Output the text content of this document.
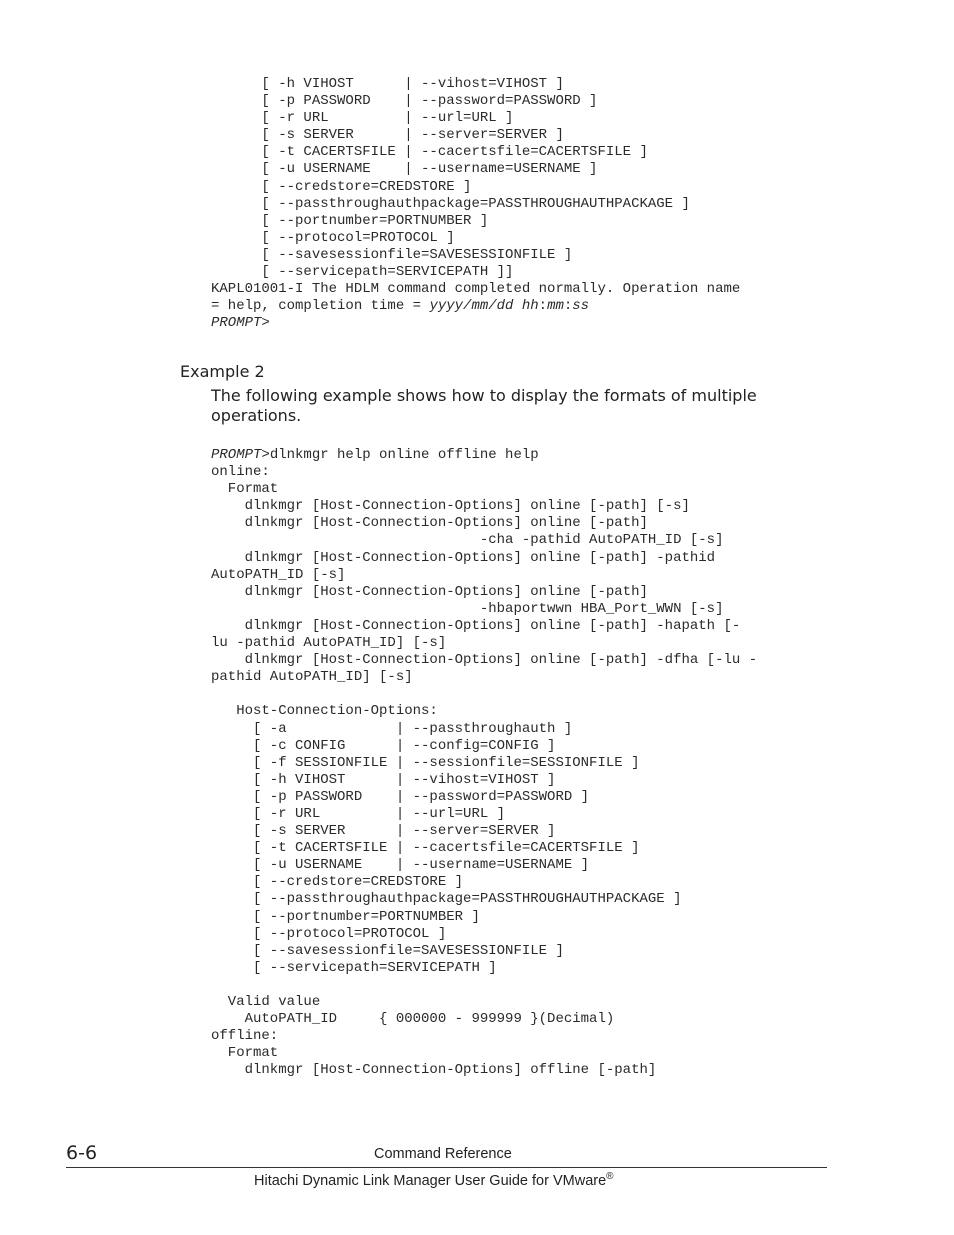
[ -h VIHOST      | --vihost=VIHOST ]
[ -p PASSWORD    | --password=PASSWORD ]
[ -r URL         | --url=URL ]
[ -s SERVER      | --server=SERVER ]
[ -t CACERTSFILE | --cacertsfile=CACERTSFILE ]
[ -u USERNAME    | --username=USERNAME ]
[ --credstore=CREDSTORE ]
[ --passthroughauthpackage=PASSTHROUGHAUTHPACKAGE ]
[ --portnumber=PORTNUMBER ]
[ --protocol=PROTOCOL ]
[ --savesessionfile=SAVESESSIONFILE ]
[ --servicepath=SERVICEPATH ]]
KAPL01001-I The HDLM command completed normally. Operation name
= help, completion time = yyyy/mm/dd hh:mm:ss
PROMPT>
Example 2
The following example shows how to display the formats of multiple operations.
PROMPT>dlnkmgr help online offline help
online:
Format
dlnkmgr [Host-Connection-Options] online [-path] [-s]
dlnkmgr [Host-Connection-Options] online [-path]
-cha -pathid AutoPATH_ID [-s]
dlnkmgr [Host-Connection-Options] online [-path] -pathid
AutoPATH_ID [-s]
dlnkmgr [Host-Connection-Options] online [-path]
-hbaportwwn HBA_Port_WWN [-s]
dlnkmgr [Host-Connection-Options] online [-path] -hapath [-
lu -pathid AutoPATH_ID] [-s]
dlnkmgr [Host-Connection-Options] online [-path] -dfha [-lu -
pathid AutoPATH_ID] [-s]

Host-Connection-Options:
[ -a             | --passthroughauth ]
[ -c CONFIG      | --config=CONFIG ]
[ -f SESSIONFILE | --sessionfile=SESSIONFILE ]
[ -h VIHOST      | --vihost=VIHOST ]
[ -p PASSWORD    | --password=PASSWORD ]
[ -r URL         | --url=URL ]
[ -s SERVER      | --server=SERVER ]
[ -t CACERTSFILE | --cacertsfile=CACERTSFILE ]
[ -u USERNAME    | --username=USERNAME ]
[ --credstore=CREDSTORE ]
[ --passthroughauthpackage=PASSTHROUGHAUTHPACKAGE ]
[ --portnumber=PORTNUMBER ]
[ --protocol=PROTOCOL ]
[ --savesessionfile=SAVESESSIONFILE ]
[ --servicepath=SERVICEPATH ]

Valid value
AutoPATH_ID     { 000000 - 999999 }(Decimal)
offline:
Format
dlnkmgr [Host-Connection-Options] offline [-path]
6-6	Command Reference
Hitachi Dynamic Link Manager User Guide for VMware®
